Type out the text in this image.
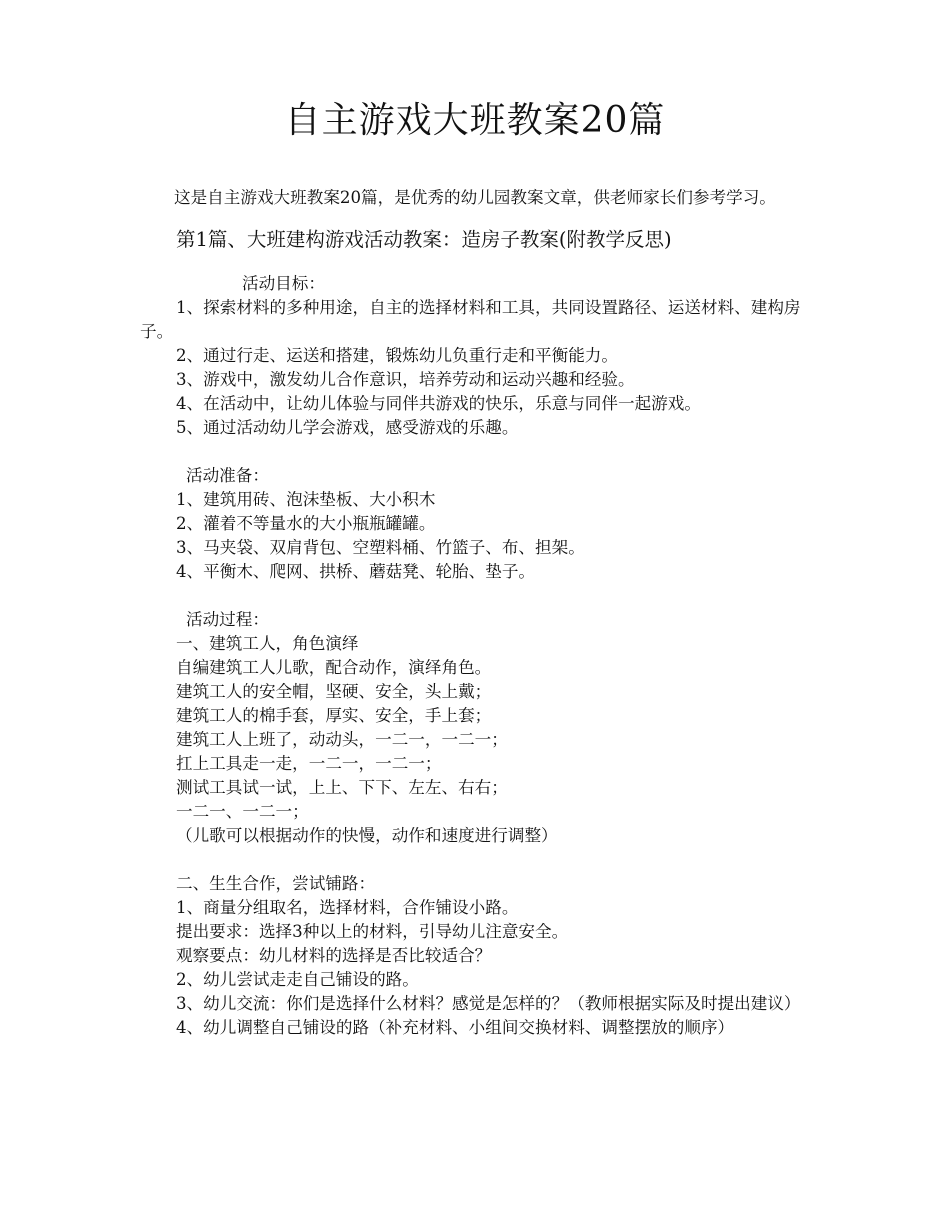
自主游戏大班教案20篇

这是自主游戏大班教案20篇，是优秀的幼儿园教案文章，供老师家长们参考学习。

第1篇、大班建构游戏活动教案：造房子教案(附教学反思)

活动目标：

1、探索材料的多种用途，自主的选择材料和工具，共同设置路径、运送材料、建构房子。

2、通过行走、运送和搭建，锻炼幼儿负重行走和平衡能力。

3、游戏中，激发幼儿合作意识，培养劳动和运动兴趣和经验。

4、在活动中，让幼儿体验与同伴共游戏的快乐，乐意与同伴一起游戏。

5、通过活动幼儿学会游戏，感受游戏的乐趣。

活动准备：

1、建筑用砖、泡沫垫板、大小积木

2、灌着不等量水的大小瓶瓶罐罐。

3、马夹袋、双肩背包、空塑料桶、竹篮子、布、担架。

4、平衡木、爬网、拱桥、蘑菇凳、轮胎、垫子。

活动过程：

一、建筑工人，角色演绎

自编建筑工人儿歌，配合动作，演绎角色。

建筑工人的安全帽，坚硬、安全，头上戴；

建筑工人的棉手套，厚实、安全，手上套；

建筑工人上班了，动动头，一二一，一二一；

扛上工具走一走，一二一，一二一；

测试工具试一试，上上、下下、左左、右右；

一二一、一二一；

（儿歌可以根据动作的快慢，动作和速度进行调整）

二、生生合作，尝试铺路：

1、商量分组取名，选择材料，合作铺设小路。

提出要求：选择3种以上的材料，引导幼儿注意安全。

观察要点：幼儿材料的选择是否比较适合？

2、幼儿尝试走走自己铺设的路。

3、幼儿交流：你们是选择什么材料？感觉是怎样的？（教师根据实际及时提出建议）

4、幼儿调整自己铺设的路（补充材料、小组间交换材料、调整摆放的顺序）
